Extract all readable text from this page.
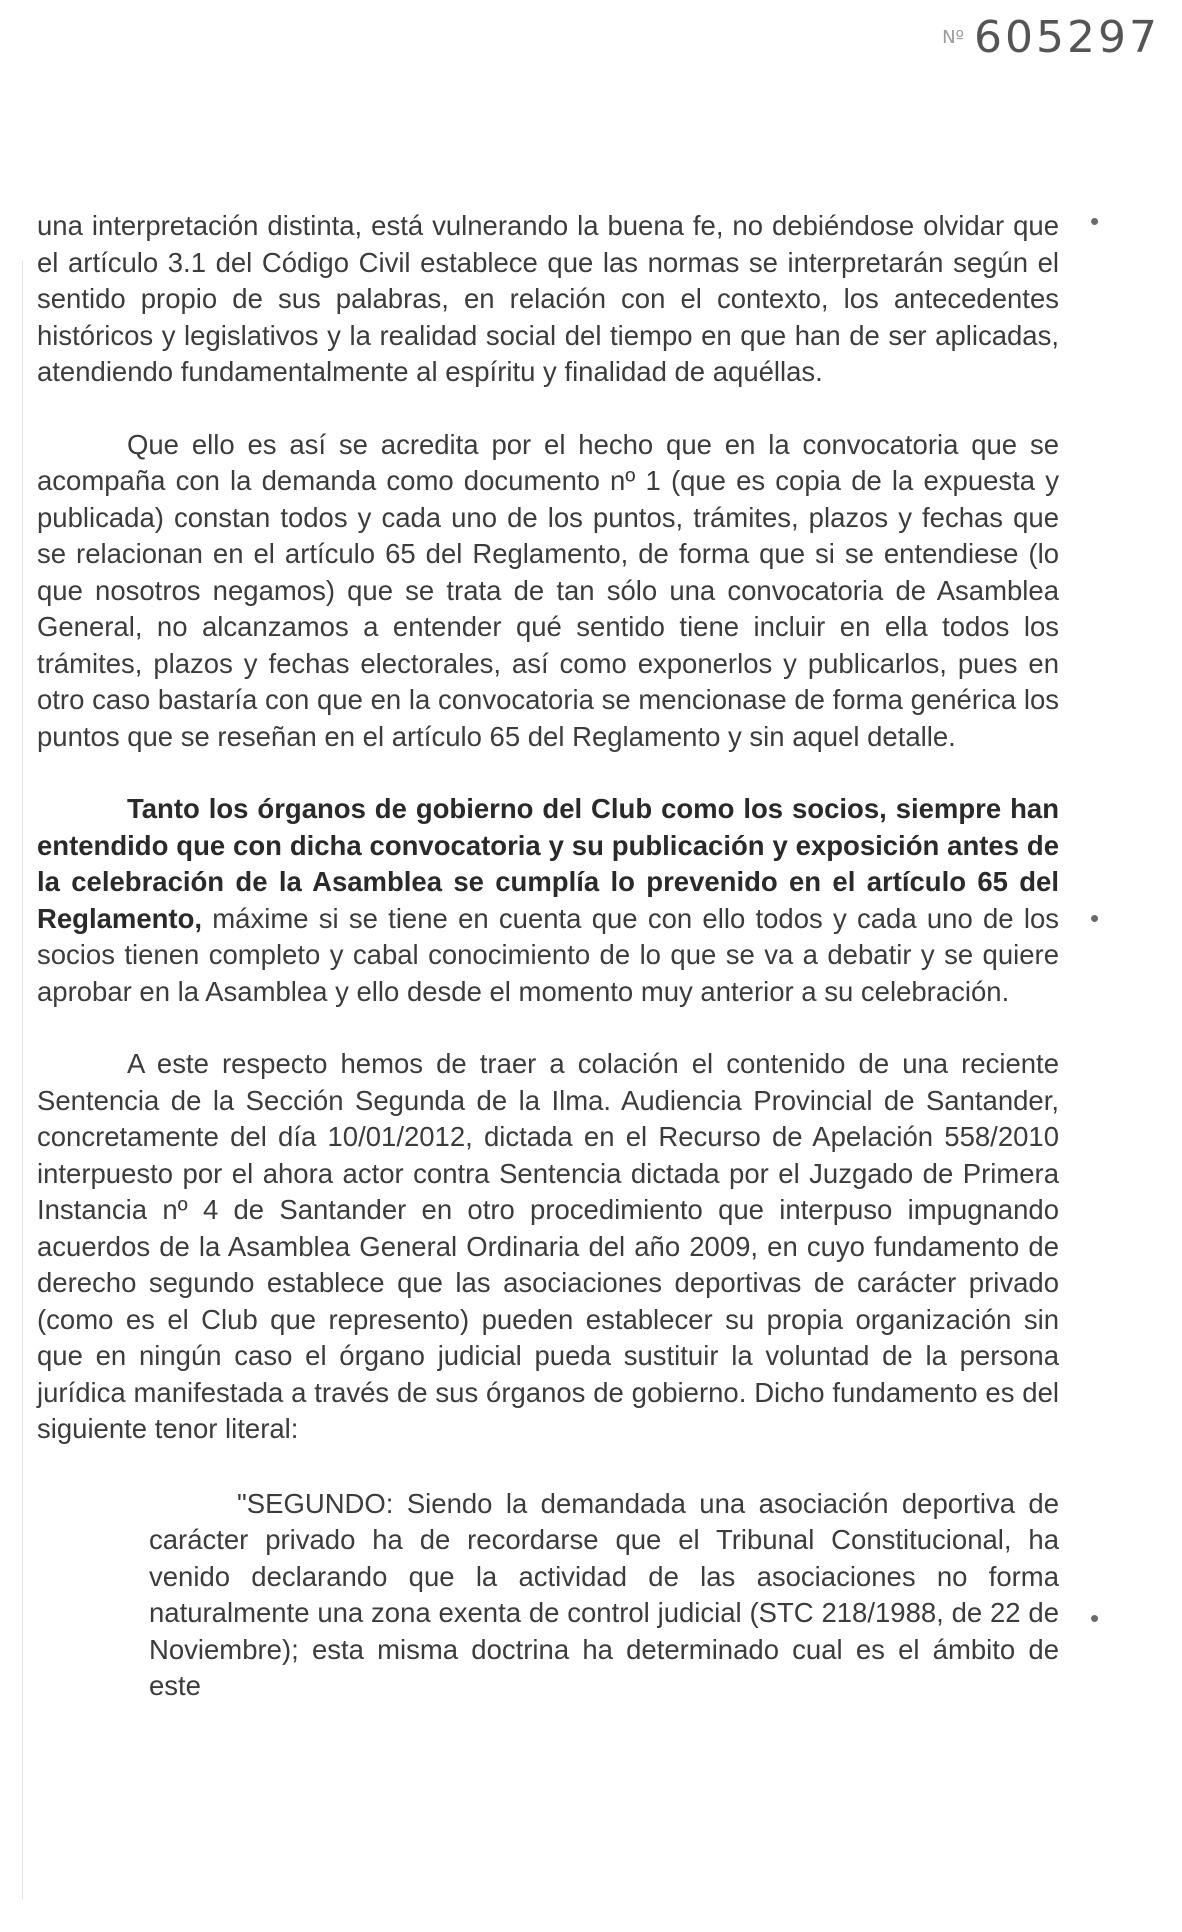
Nº 605297
•
•
•

una interpretación distinta, está vulnerando la buena fe, no debiéndose olvidar que el artículo 3.1 del Código Civil establece que las normas se interpretarán según el sentido propio de sus palabras, en relación con el contexto, los antecedentes históricos y legislativos y la realidad social del tiempo en que han de ser aplicadas, atendiendo fundamentalmente al espíritu y finalidad de aquéllas.

Que ello es así se acredita por el hecho que en la convocatoria que se acompaña con la demanda como documento nº 1 (que es copia de la expuesta y publicada) constan todos y cada uno de los puntos, trámites, plazos y fechas que se relacionan en el artículo 65 del Reglamento, de forma que si se entendiese (lo que nosotros negamos) que se trata de tan sólo una convocatoria de Asamblea General, no alcanzamos a entender qué sentido tiene incluir en ella todos los trámites, plazos y fechas electorales, así como exponerlos y publicarlos, pues en otro caso bastaría con que en la convocatoria se mencionase de forma genérica los puntos que se reseñan en el artículo 65 del Reglamento y sin aquel detalle.

Tanto los órganos de gobierno del Club como los socios, siempre han entendido que con dicha convocatoria y su publicación y exposición antes de la celebración de la Asamblea se cumplía lo prevenido en el artículo 65 del Reglamento, máxime si se tiene en cuenta que con ello todos y cada uno de los socios tienen completo y cabal conocimiento de lo que se va a debatir y se quiere aprobar en la Asamblea y ello desde el momento muy anterior a su celebración.

A este respecto hemos de traer a colación el contenido de una reciente Sentencia de la Sección Segunda de la Ilma. Audiencia Provincial de Santander, concretamente del día 10/01/2012, dictada en el Recurso de Apelación 558/2010 interpuesto por el ahora actor contra Sentencia dictada por el Juzgado de Primera Instancia nº 4 de Santander en otro procedimiento que interpuso impugnando acuerdos de la Asamblea General Ordinaria del año 2009, en cuyo fundamento de derecho segundo establece que las asociaciones deportivas de carácter privado (como es el Club que represento) pueden establecer su propia organización sin que en ningún caso el órgano judicial pueda sustituir la voluntad de la persona jurídica manifestada a través de sus órganos de gobierno. Dicho fundamento es del siguiente tenor literal:

"SEGUNDO: Siendo la demandada una asociación deportiva de carácter privado ha de recordarse que el Tribunal Constitucional, ha venido declarando que la actividad de las asociaciones no forma naturalmente una zona exenta de control judicial (STC 218/1988, de 22 de Noviembre); esta misma doctrina ha determinado cual es el ámbito de este
